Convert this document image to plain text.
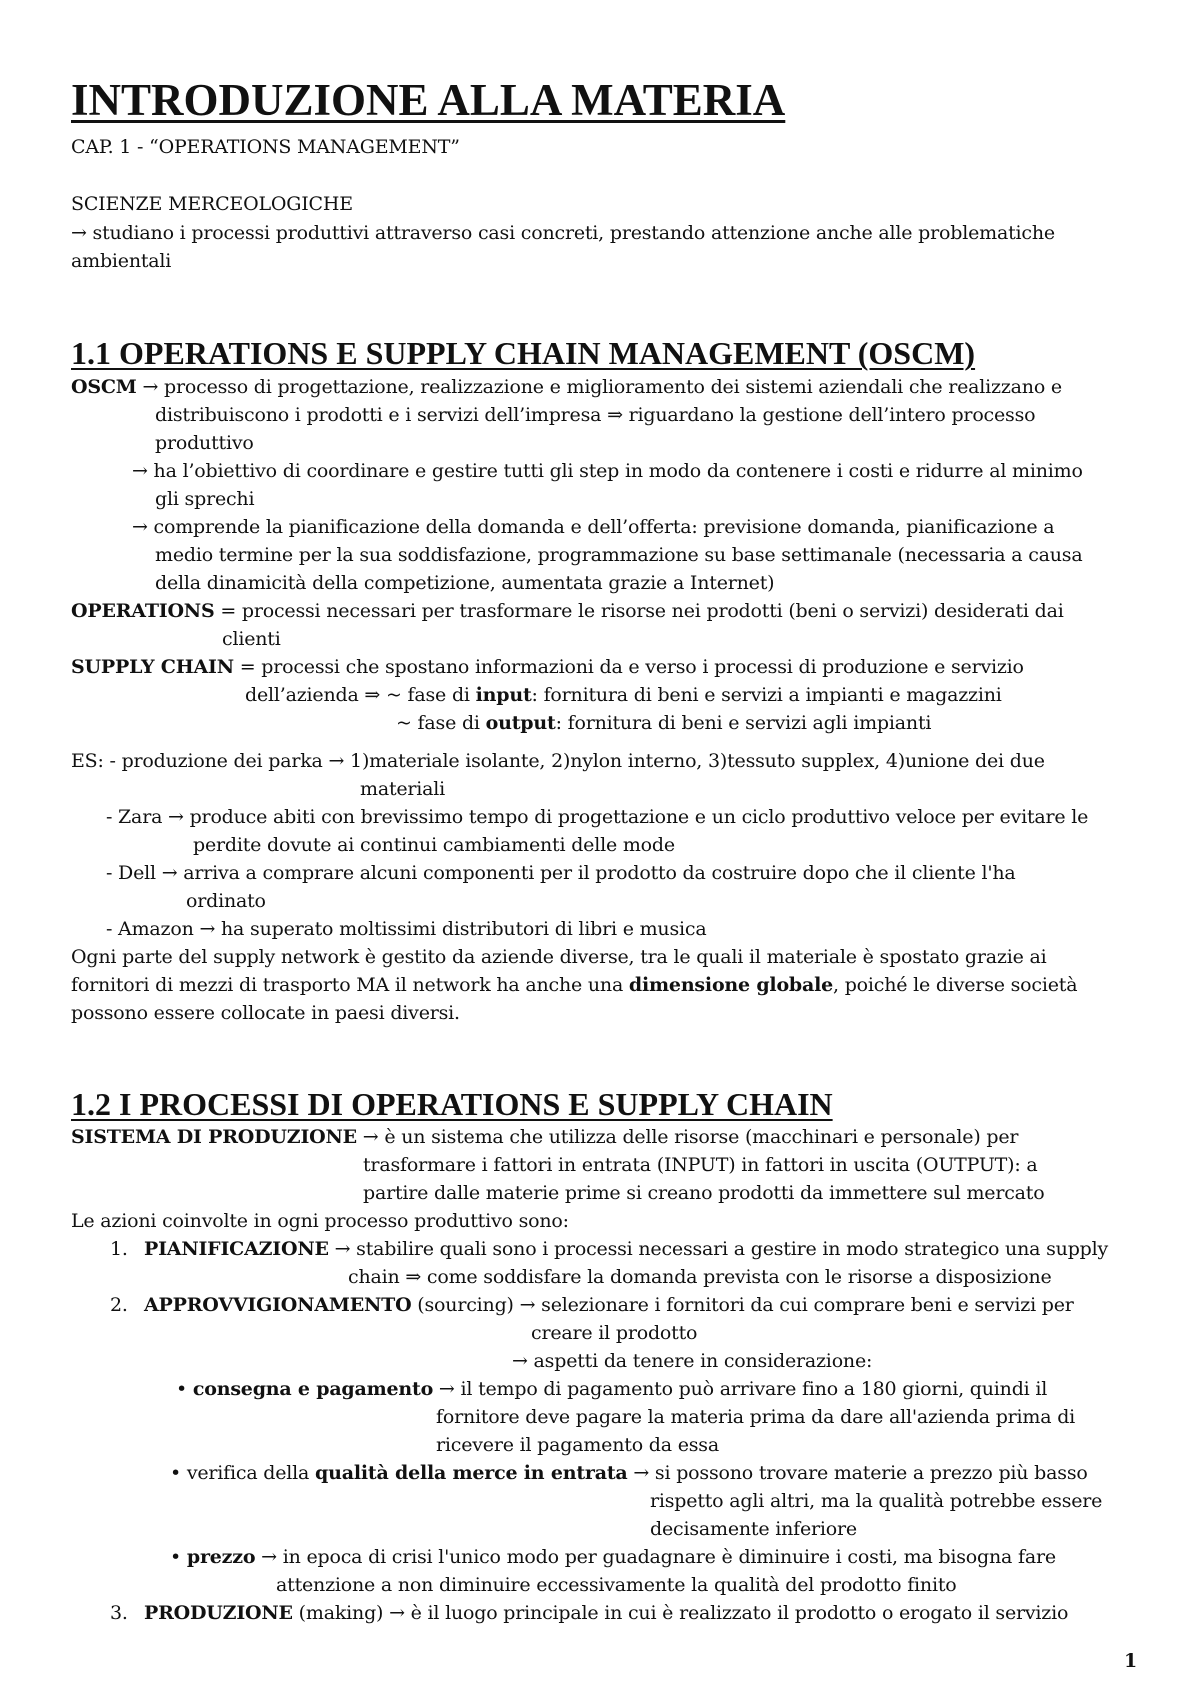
INTRODUZIONE ALLA MATERIA
CAP. 1 - “OPERATIONS MANAGEMENT”
SCIENZE MERCEOLOGICHE
→ studiano i processi produttivi attraverso casi concreti, prestando attenzione anche alle problematiche
ambientali
1.1 OPERATIONS E SUPPLY CHAIN MANAGEMENT (OSCM)
OSCM → processo di progettazione, realizzazione e miglioramento dei sistemi aziendali che realizzano e
distribuiscono i prodotti e i servizi dell’impresa ⇒ riguardano la gestione dell’intero processo
produttivo
→ ha l’obiettivo di coordinare e gestire tutti gli step in modo da contenere i costi e ridurre al minimo
gli sprechi
→ comprende la pianificazione della domanda e dell’offerta: previsione domanda, pianificazione a
medio termine per la sua soddisfazione, programmazione su base settimanale (necessaria a causa
della dinamicità della competizione, aumentata grazie a Internet)
OPERATIONS = processi necessari per trasformare le risorse nei prodotti (beni o servizi) desiderati dai
clienti
SUPPLY CHAIN = processi che spostano informazioni da e verso i processi di produzione e servizio
dell’azienda ⇒ ~ fase di input: fornitura di beni e servizi a impianti e magazzini
~ fase di output: fornitura di beni e servizi agli impianti
ES: - produzione dei parka → 1)materiale isolante, 2)nylon interno, 3)tessuto supplex, 4)unione dei due
materiali
- Zara → produce abiti con brevissimo tempo di progettazione e un ciclo produttivo veloce per evitare le
perdite dovute ai continui cambiamenti delle mode
- Dell → arriva a comprare alcuni componenti per il prodotto da costruire dopo che il cliente l'ha
ordinato
- Amazon → ha superato moltissimi distributori di libri e musica
Ogni parte del supply network è gestito da aziende diverse, tra le quali il materiale è spostato grazie ai
fornitori di mezzi di trasporto MA il network ha anche una dimensione globale, poiché le diverse società
possono essere collocate in paesi diversi.
1.2 I PROCESSI DI OPERATIONS E SUPPLY CHAIN
SISTEMA DI PRODUZIONE → è un sistema che utilizza delle risorse (macchinari e personale) per
trasformare i fattori in entrata (INPUT) in fattori in uscita (OUTPUT): a
partire dalle materie prime si creano prodotti da immettere sul mercato
Le azioni coinvolte in ogni processo produttivo sono:
1. PIANIFICAZIONE → stabilire quali sono i processi necessari a gestire in modo strategico una supply
chain ⇒ come soddisfare la domanda prevista con le risorse a disposizione
2. APPROVVIGIONAMENTO (sourcing) → selezionare i fornitori da cui comprare beni e servizi per
creare il prodotto
→ aspetti da tenere in considerazione:
• consegna e pagamento → il tempo di pagamento può arrivare fino a 180 giorni, quindi il
fornitore deve pagare la materia prima da dare all'azienda prima di
ricevere il pagamento da essa
• verifica della qualità della merce in entrata → si possono trovare materie a prezzo più basso
rispetto agli altri, ma la qualità potrebbe essere
decisamente inferiore
• prezzo → in epoca di crisi l'unico modo per guadagnare è diminuire i costi, ma bisogna fare
attenzione a non diminuire eccessivamente la qualità del prodotto finito
3. PRODUZIONE (making) → è il luogo principale in cui è realizzato il prodotto o erogato il servizio
1
